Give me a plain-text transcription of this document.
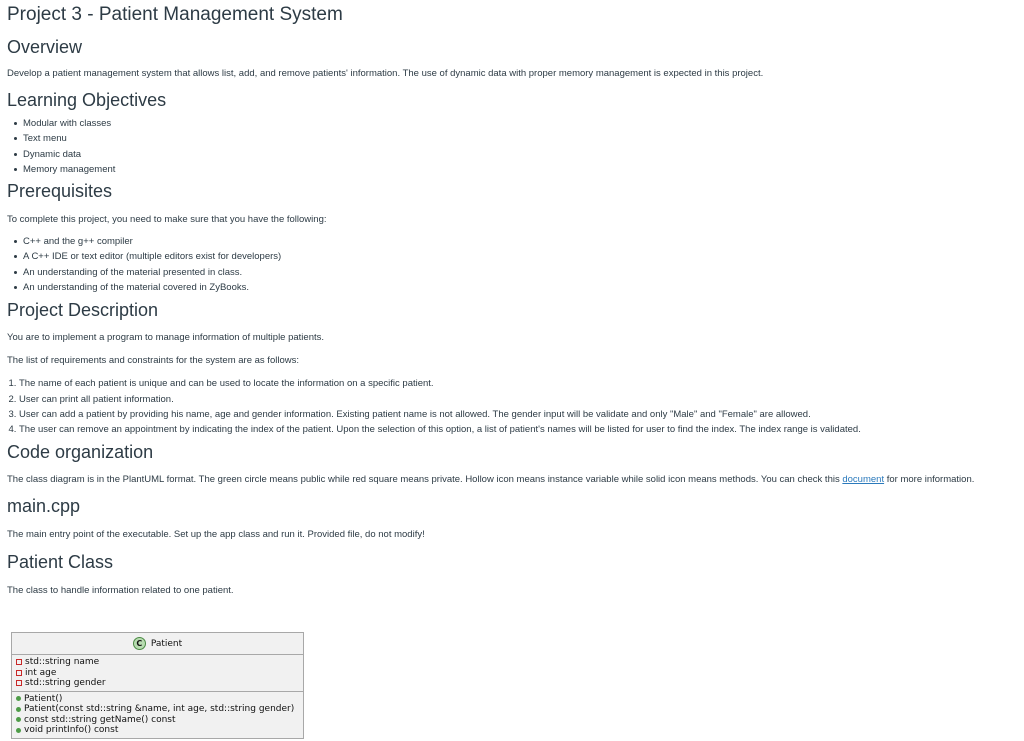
Project 3 - Patient Management System
Overview

Develop a patient management system that allows list, add, and remove patients' information. The use of dynamic data with proper memory management is expected in this project.

Learning Objectives
Modular with classes
Text menu
Dynamic data
Memory management
Prerequisites

To complete this project, you need to make sure that you have the following:

C++ and the g++ compiler
A C++ IDE or text editor (multiple editors exist for developers)
An understanding of the material presented in class.
An understanding of the material covered in ZyBooks.
Project Description

You are to implement a program to manage information of multiple patients.

The list of requirements and constraints for the system are as follows:

1. The name of each patient is unique and can be used to locate the information on a specific patient.
2. User can print all patient information.
3. User can add a patient by providing his name, age and gender information. Existing patient name is not allowed. The gender input will be validate and only "Male" and "Female" are allowed.
4. The user can remove an appointment by indicating the index of the patient. Upon the selection of this option, a list of patient's names will be listed for user to find the index. The index range is validated.
Code organization

The class diagram is in the PlantUML format. The green circle means public while red square means private. Hollow icon means instance variable while solid icon means methods. You can check this document for more information.

main.cpp

The main entry point of the executable. Set up the app class and run it. Provided file, do not modify!

Patient Class

The class to handle information related to one patient.

C Patient
std::string name
int age
std::string gender
Patient()
Patient(const std::string &name, int age, std::string gender)
const std::string getName() const
void printInfo() const
